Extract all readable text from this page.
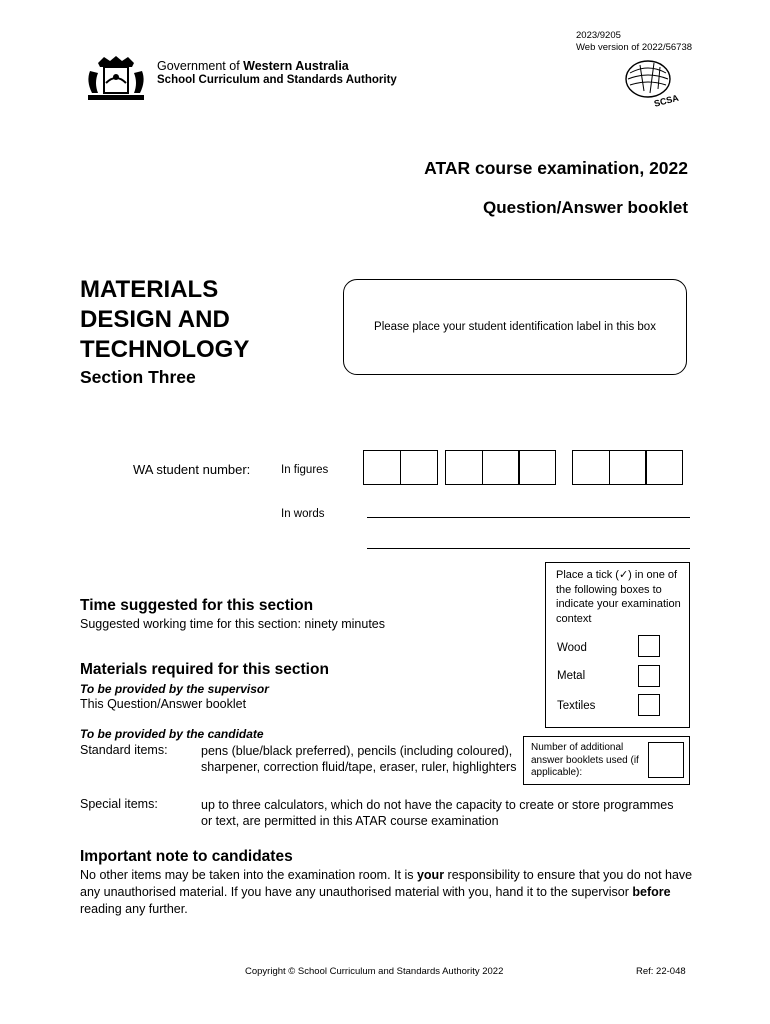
2023/9205
Web version of 2022/56738
Government of Western Australia
School Curriculum and Standards Authority
SCSA
ATAR course examination, 2022
Question/Answer booklet
MATERIALS
DESIGN AND
TECHNOLOGY
Section Three
Please place your student identification label in this box
WA student number:	In figures
In words
Place a tick (✓) in one of the following boxes to indicate your examination context
Wood
Metal
Textiles
Time suggested for this section
Suggested working time for this section: ninety minutes
Materials required for this section
To be provided by the supervisor
This Question/Answer booklet
To be provided by the candidate
Standard items:	pens (blue/black preferred), pencils (including coloured), sharpener, correction fluid/tape, eraser, ruler, highlighters
Special items:	up to three calculators, which do not have the capacity to create or store programmes or text, are permitted in this ATAR course examination
Number of additional answer booklets used (if applicable):
Important note to candidates
No other items may be taken into the examination room. It is your responsibility to ensure that you do not have any unauthorised material. If you have any unauthorised material with you, hand it to the supervisor before reading any further.
Copyright © School Curriculum and Standards Authority 2022	Ref: 22-048
